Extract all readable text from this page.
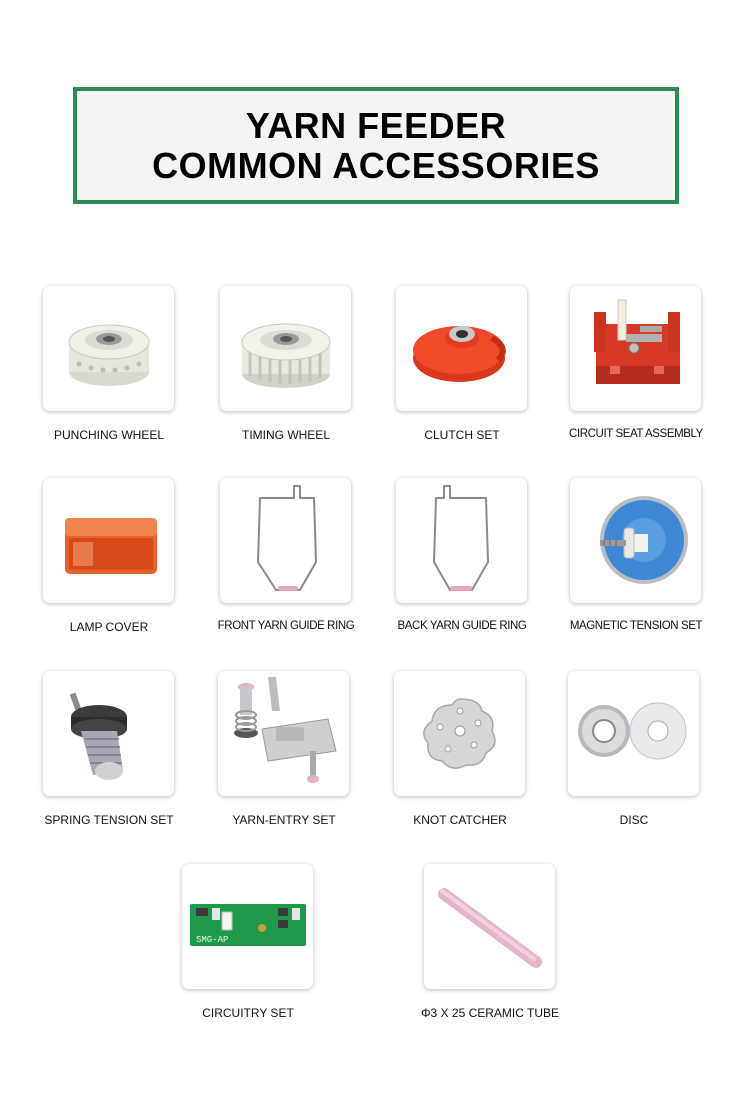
YARN FEEDER
COMMON ACCESSORIES
PUNCHING WHEEL	TIMING WHEEL	CLUTCH SET	CIRCUIT SEAT ASSEMBLY
LAMP COVER	FRONT YARN GUIDE RING	BACK YARN GUIDE RING	MAGNETIC TENSION SET
SPRING TENSION SET	YARN-ENTRY SET	KNOT CATCHER	DISC
SMG-AP
CIRCUITRY SET	Φ3 X 25 CERAMIC TUBE
